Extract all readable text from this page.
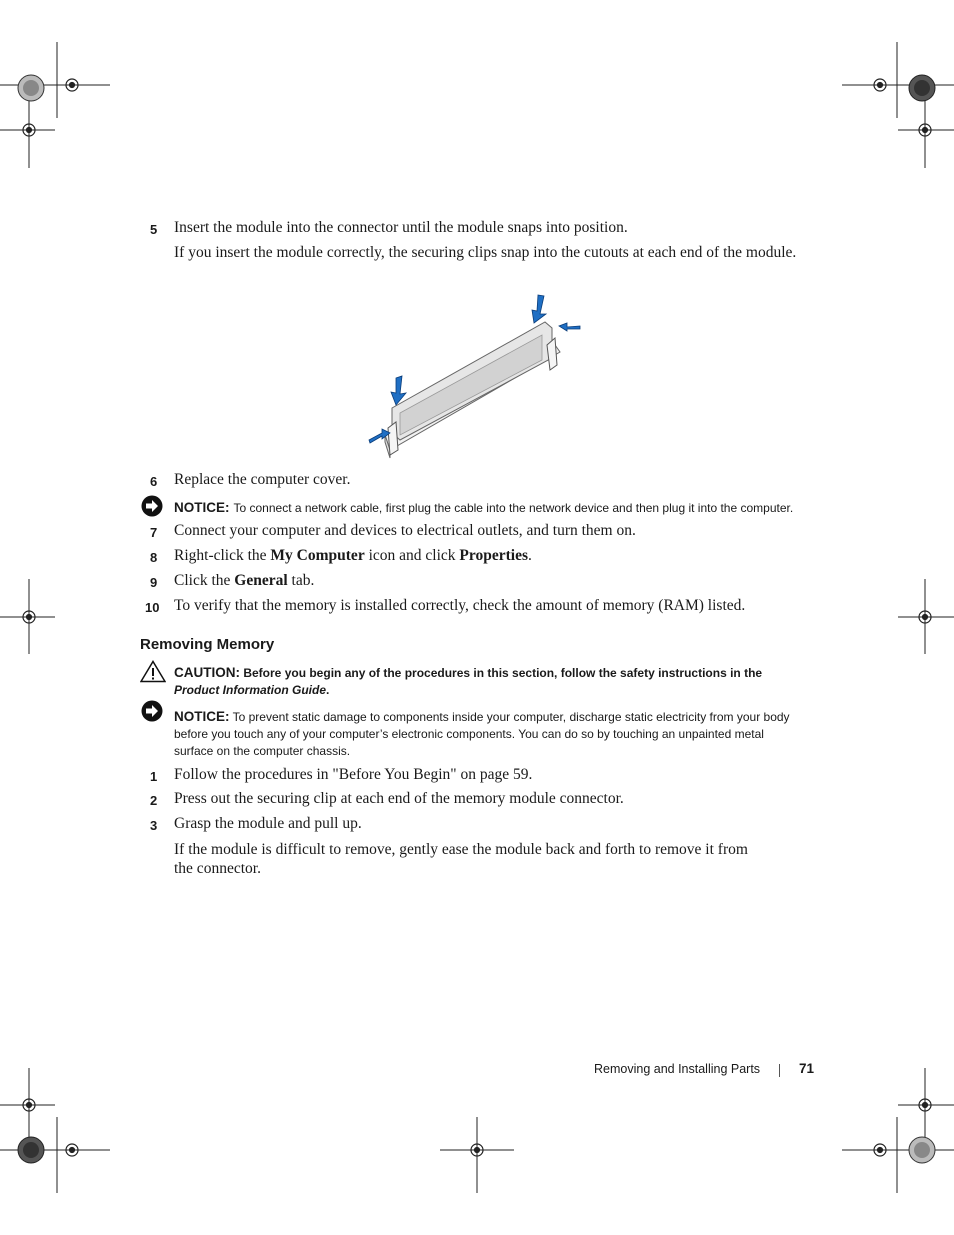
5 Insert the module into the connector until the module snaps into position.
If you insert the module correctly, the securing clips snap into the cutouts at each end of the module.
6 Replace the computer cover.
NOTICE: To connect a network cable, first plug the cable into the network device and then plug it into the computer.
7 Connect your computer and devices to electrical outlets, and turn them on.
8 Right-click the My Computer icon and click Properties.
9 Click the General tab.
10 To verify that the memory is installed correctly, check the amount of memory (RAM) listed.
Removing Memory
CAUTION: Before you begin any of the procedures in this section, follow the safety instructions in the
Product Information Guide.
NOTICE: To prevent static damage to components inside your computer, discharge static electricity from your body before you touch any of your computer’s electronic components. You can do so by touching an unpainted metal surface on the computer chassis.
1 Follow the procedures in "Before You Begin" on page 59.
2 Press out the securing clip at each end of the memory module connector.
3 Grasp the module and pull up.
If the module is difficult to remove, gently ease the module back and forth to remove it from the connector.
Removing and Installing Parts	71
